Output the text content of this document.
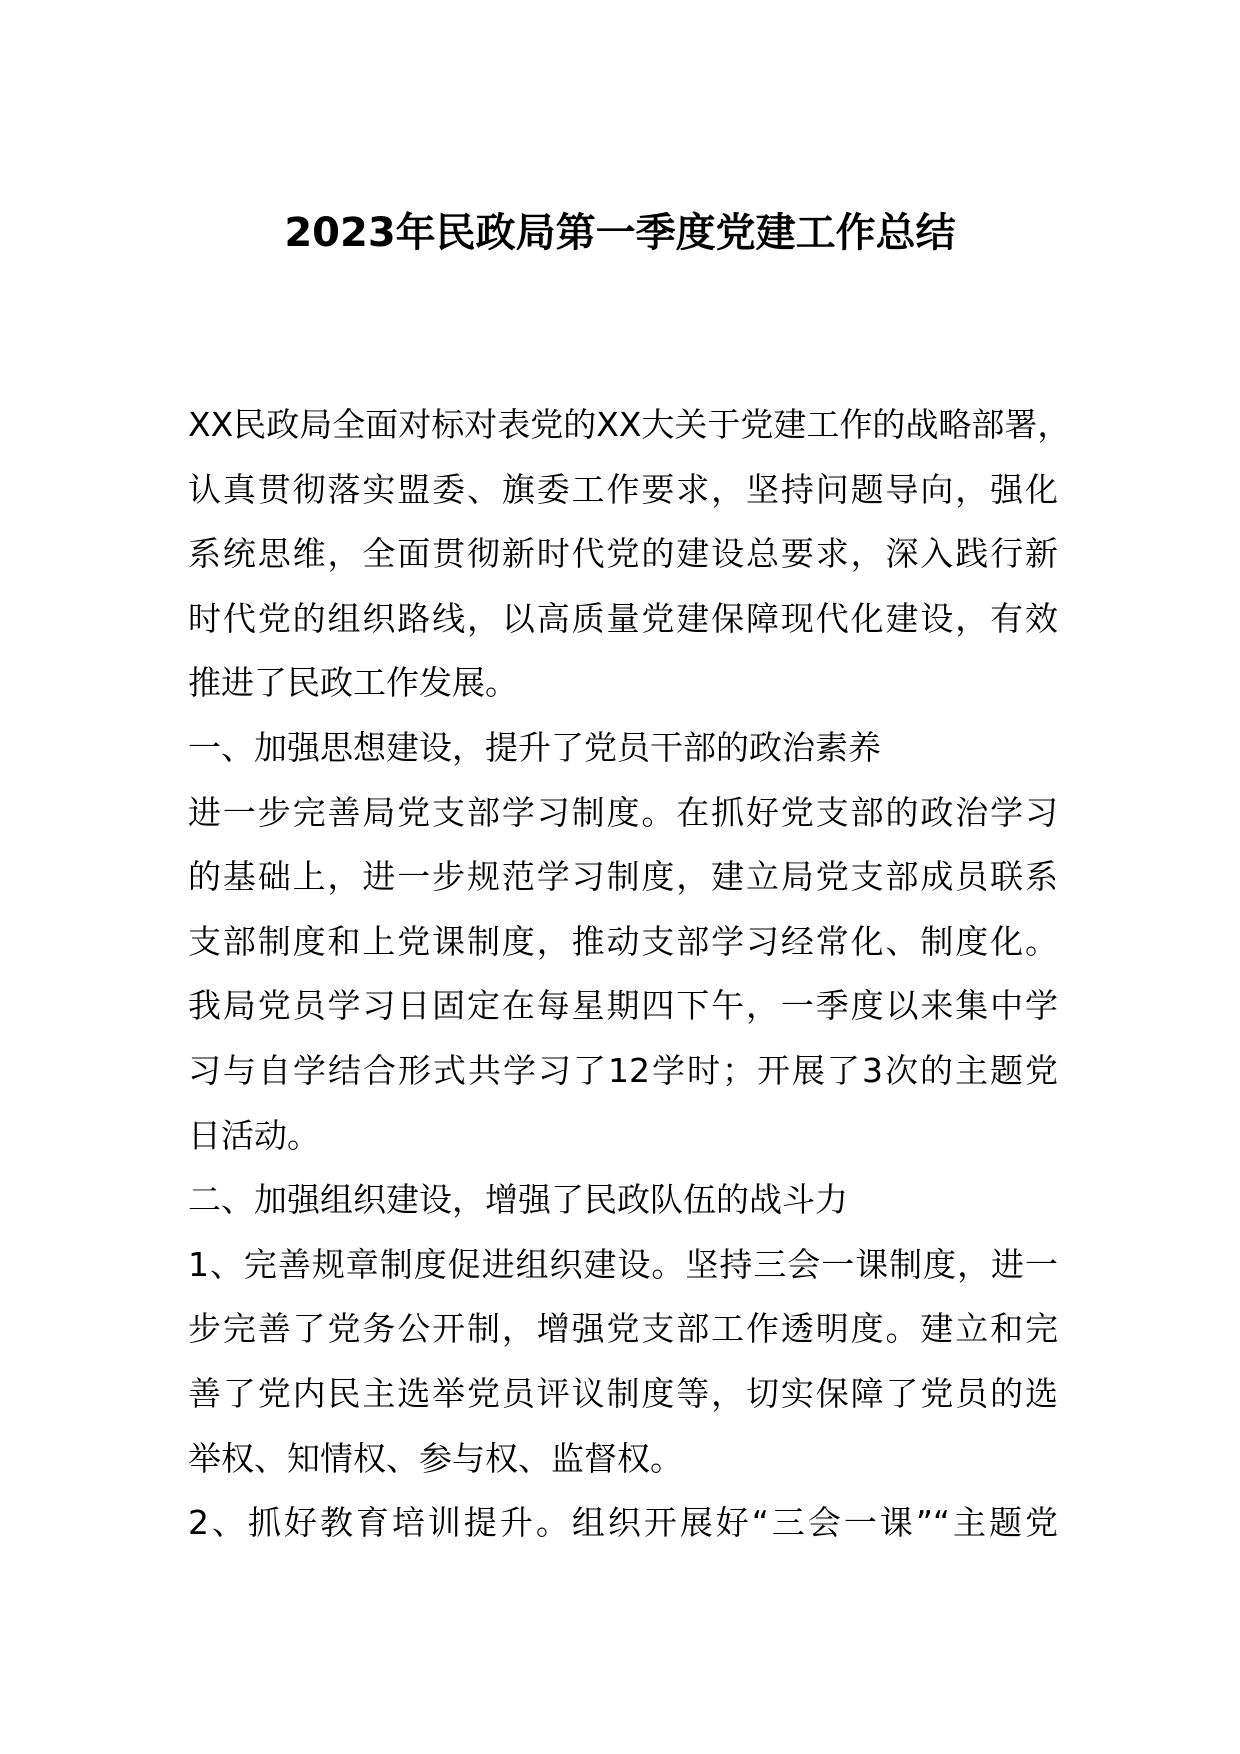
2023年民政局第一季度党建工作总结
XX民政局全面对标对表党的XX大关于党建工作的战略部署，
认真贯彻落实盟委、旗委工作要求，坚持问题导向，强化
系统思维，全面贯彻新时代党的建设总要求，深入践行新
时代党的组织路线，以高质量党建保障现代化建设，有效
推进了民政工作发展。
一、加强思想建设，提升了党员干部的政治素养
进一步完善局党支部学习制度。在抓好党支部的政治学习
的基础上，进一步规范学习制度，建立局党支部成员联系
支部制度和上党课制度，推动支部学习经常化、制度化。
我局党员学习日固定在每星期四下午，一季度以来集中学
习与自学结合形式共学习了12学时；开展了3次的主题党
日活动。
二、加强组织建设，增强了民政队伍的战斗力
1、完善规章制度促进组织建设。坚持三会一课制度，进一
步完善了党务公开制，增强党支部工作透明度。建立和完
善了党内民主选举党员评议制度等，切实保障了党员的选
举权、知情权、参与权、监督权。
2、抓好教育培训提升。组织开展好“三会一课”“主题党
